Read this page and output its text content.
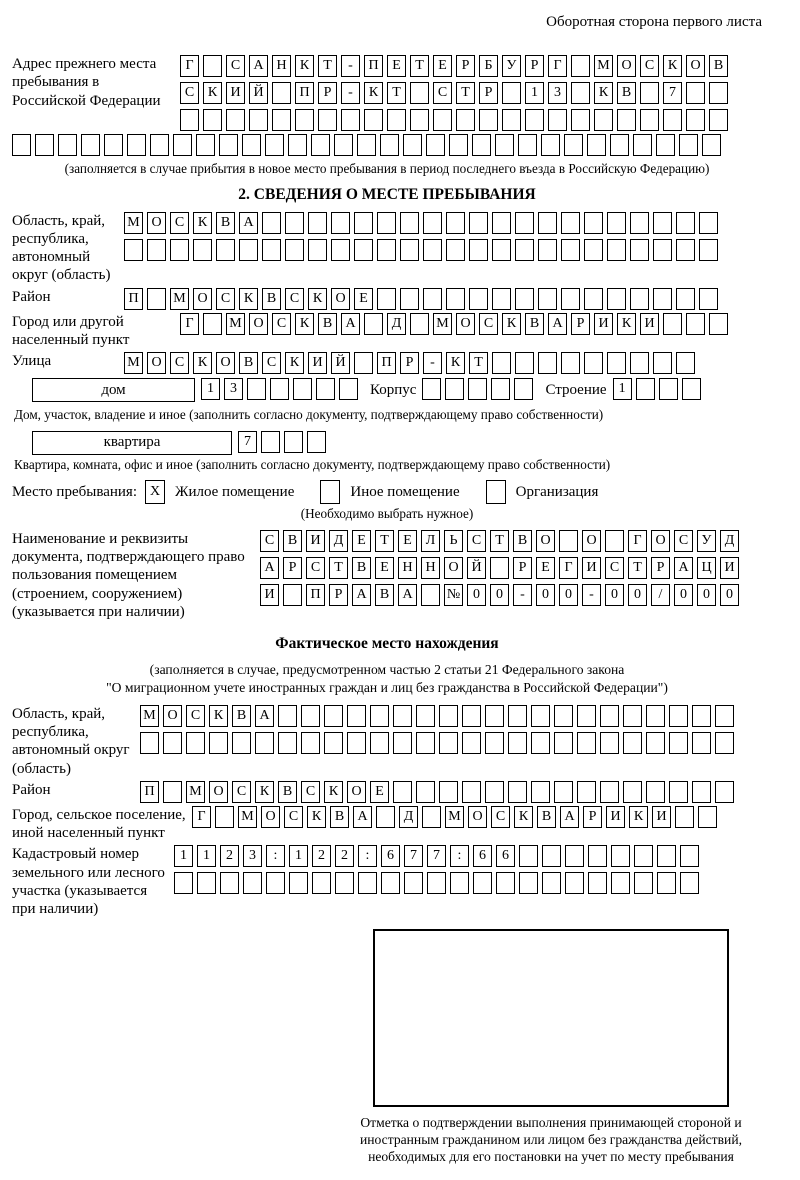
Оборотная сторона первого листа
Адрес прежнего места пребывания в Российской Федерации
Г	С А Н К	Т	-	П Е	Т	Е	Р	Б	У	Р	Г	М О С К О В
С К И Й	П	Р	-	К	Т	С	Т	Р	1	3	К В	7
(заполняется в случае прибытия в новое место пребывания в период последнего въезда в Российскую Федерацию)
2. СВЕДЕНИЯ О МЕСТЕ ПРЕБЫВАНИЯ
Область, край, республика, автономный округ (область)
М О С К В А
Район	П	М О С К В С К О Е
Город или другой населенный пункт
Г	М О С К В А	Д	М О С К В А	Р	И К И
Улица	М О С К О В С К И Й	П	Р	-	К	Т
дом	1	3	Корпус	Строение 1
Дом, участок, владение и иное (заполнить согласно документу, подтверждающему право собственности)
квартира	7
Квартира, комната, офис и иное (заполнить согласно документу, подтверждающему право собственности)
Место пребывания: X Жилое помещение	Иное помещение	Организация
(Необходимо выбрать нужное)
Наименование и реквизиты документа, подтверждающего право пользования помещением (строением, сооружением) (указывается при наличии)
С В И Д Е	Т	Е Л	Ь	С	Т	В О	О	Г О С У Д
А	Р	С	Т	В	Е Н Н О Й	Р	Е	Г И С	Т	Р	А Ц И
И	П	Р	А В А	№ 0	0	-	0	0	-	0	0	/	0	0	0
Фактическое место нахождения

(заполняется в случае, предусмотренном частью 2 статьи 21 Федерального закона

"О миграционном учете иностранных граждан и лиц без гражданства в Российской Федерации")

Область, край, республика, автономный округ (область)
М О С К В А
Район	П	М О С К В С К О Е
Город, сельское поселение, иной населенный пункт
Г	М О С К В А	Д	М О С К В А	Р	И К И
Кадастровый номер земельного или лесного участка (указывается при наличии)
1	1	2	3	:	1	2	2	:	6	7	7	:	6	6
Отметка о подтверждении выполнения принимающей стороной и иностранным гражданином или лицом без гражданства действий, необходимых для его постановки на учет по месту пребывания
